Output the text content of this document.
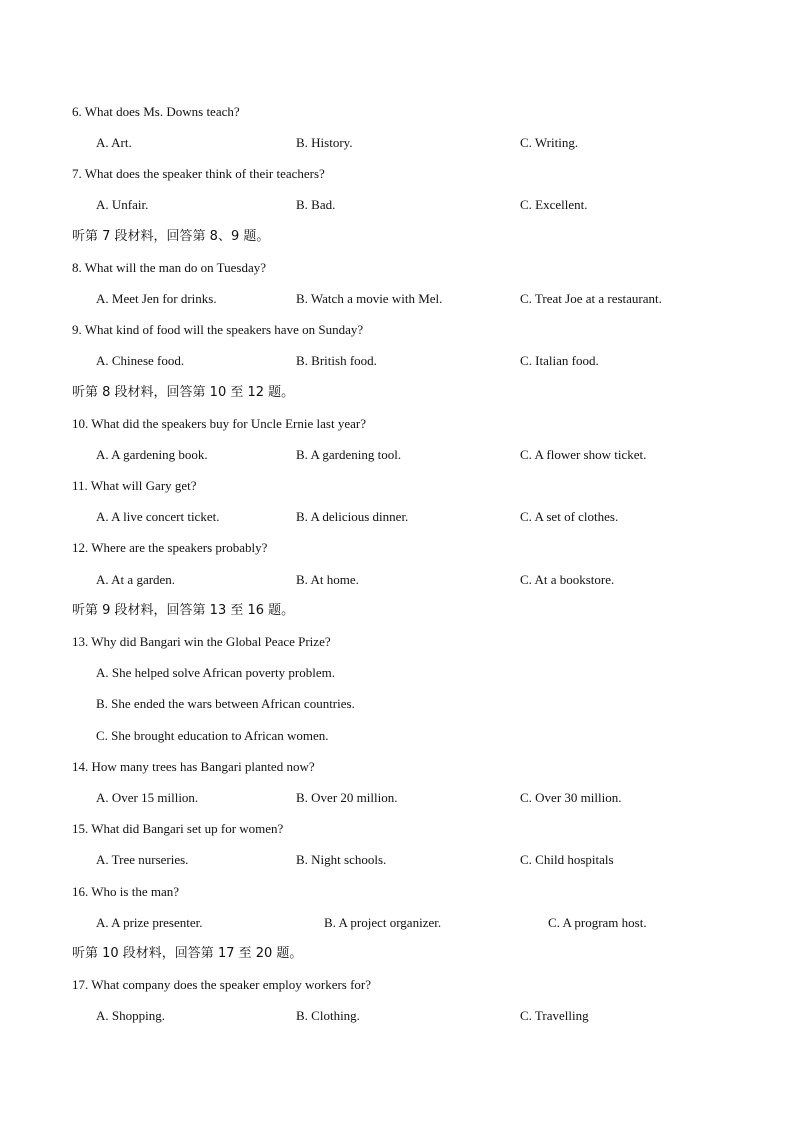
6. What does Ms. Downs teach?
A. Art.	B. History.	C. Writing.
7. What does the speaker think of their teachers?
A. Unfair.	B. Bad.	C. Excellent.
听第 7 段材料，回答第 8、9 题。
8. What will the man do on Tuesday?
A. Meet Jen for drinks.	B. Watch a movie with Mel.	C. Treat Joe at a restaurant.
9. What kind of food will the speakers have on Sunday?
A. Chinese food.	B. British food.	C. Italian food.
听第 8 段材料，回答第 10 至 12 题。
10. What did the speakers buy for Uncle Ernie last year?
A. A gardening book.	B. A gardening tool.	C. A flower show ticket.
11. What will Gary get?
A. A live concert ticket.	B. A delicious dinner.	C. A set of clothes.
12. Where are the speakers probably?
A. At a garden.	B. At home.	C. At a bookstore.
听第 9 段材料，回答第 13 至 16 题。
13. Why did Bangari win the Global Peace Prize?
A. She helped solve African poverty problem.
B. She ended the wars between African countries.
C. She brought education to African women.
14. How many trees has Bangari planted now?
A. Over 15 million.	B. Over 20 million.	C. Over 30 million.
15. What did Bangari set up for women?
A. Tree nurseries.	B. Night schools.	C. Child hospitals
16. Who is the man?
A. A prize presenter.	B. A project organizer.	C. A program host.
听第 10 段材料，回答第 17 至 20 题。
17. What company does the speaker employ workers for?
A. Shopping.	B. Clothing.	C. Travelling
